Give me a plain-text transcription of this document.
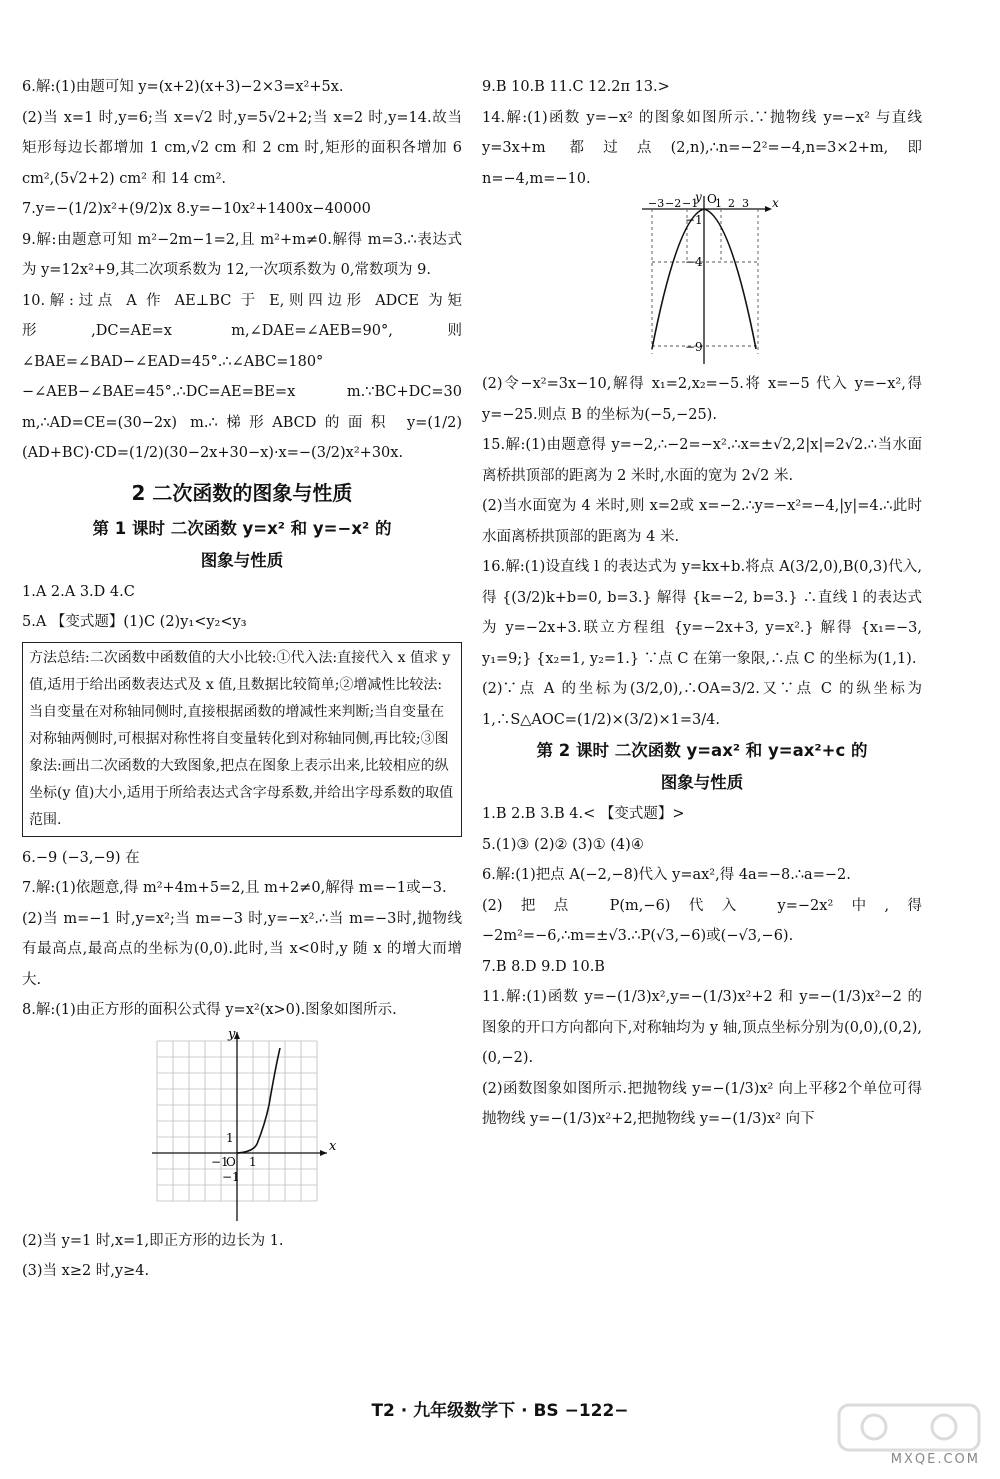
6.解:(1)由题可知 y=(x+2)(x+3)−2×3=x²+5x.

(2)当 x=1 时,y=6;当 x=√2 时,y=5√2+2;当 x=2 时,y=14.故当矩形每边长都增加 1 cm,√2 cm 和 2 cm 时,矩形的面积各增加 6 cm²,(5√2+2) cm² 和 14 cm².

7.y=−(1/2)x²+(9/2)x 8.y=−10x²+1400x−40000

9.解:由题意可知 m²−2m−1=2,且 m²+m≠0.解得 m=3.∴表达式为 y=12x²+9,其二次项系数为 12,一次项系数为 0,常数项为 9.

10.解:过点 A 作 AE⊥BC 于 E,则四边形 ADCE 为矩形,DC=AE=x m,∠DAE=∠AEB=90°,则∠BAE=∠BAD−∠EAD=45°.∴∠ABC=180°−∠AEB−∠BAE=45°.∴DC=AE=BE=x m.∵BC+DC=30 m,∴AD=CE=(30−2x) m.∴梯形ABCD的面积 y=(1/2)(AD+BC)·CD=(1/2)(30−2x+30−x)·x=−(3/2)x²+30x.

2 二次函数的图象与性质
第 1 课时 二次函数 y=x² 和 y=−x² 的
图象与性质

1.A 2.A 3.D 4.C

5.A 【变式题】(1)C (2)y₁<y₂<y₃

方法总结:二次函数中函数值的大小比较:①代入法:直接代入 x 值求 y 值,适用于给出函数表达式及 x 值,且数据比较简单;②增减性比较法:当自变量在对称轴同侧时,直接根据函数的增减性来判断;当自变量在对称轴两侧时,可根据对称性将自变量转化到对称轴同侧,再比较;③图象法:画出二次函数的大致图象,把点在图象上表示出来,比较相应的纵坐标(y 值)大小,适用于所给表达式含字母系数,并给出字母系数的取值范围.

6.−9 (−3,−9) 在

7.解:(1)依题意,得 m²+4m+5=2,且 m+2≠0,解得 m=−1或−3.

(2)当 m=−1 时,y=x²;当 m=−3 时,y=−x².∴当 m=−3时,抛物线有最高点,最高点的坐标为(0,0).此时,当 x<0时,y 随 x 的增大而增大.

8.解:(1)由正方形的面积公式得 y=x²(x>0).图象如图所示.

x
y
O 1
−1
−1
1

(2)当 y=1 时,x=1,即正方形的边长为 1.

(3)当 x≥2 时,y≥4.

9.B 10.B 11.C 12.2π 13.>

14.解:(1)函数 y=−x² 的图象如图所示.∵抛物线 y=−x² 与直线 y=3x+m 都过点(2,n),∴n=−2²=−4,n=3×2+m,即 n=−4,m=−10.

−3 −2 −1 1 2 3 x
y O
−1
−4
−9

(2)令−x²=3x−10,解得 x₁=2,x₂=−5.将 x=−5 代入 y=−x²,得 y=−25.则点 B 的坐标为(−5,−25).

15.解:(1)由题意得 y=−2,∴−2=−x².∴x=±√2,2|x|=2√2.∴当水面离桥拱顶部的距离为 2 米时,水面的宽为 2√2 米.

(2)当水面宽为 4 米时,则 x=2或 x=−2.∴y=−x²=−4,|y|=4.∴此时水面离桥拱顶部的距离为 4 米.

16.解:(1)设直线 l 的表达式为 y=kx+b.将点 A(3/2,0),B(0,3)代入,得 {(3/2)k+b=0, b=3.} 解得 {k=−2, b=3.} ∴直线 l 的表达式为 y=−2x+3.联立方程组 {y=−2x+3, y=x².} 解得 {x₁=−3, y₁=9;} {x₂=1, y₂=1.} ∵点 C 在第一象限,∴点 C 的坐标为(1,1).

(2)∵点 A 的坐标为(3/2,0),∴OA=3/2.又∵点 C 的纵坐标为 1,∴S△AOC=(1/2)×(3/2)×1=3/4.

第 2 课时 二次函数 y=ax² 和 y=ax²+c 的
图象与性质

1.B 2.B 3.B 4.< 【变式题】>

5.(1)③ (2)② (3)① (4)④

6.解:(1)把点 A(−2,−8)代入 y=ax²,得 4a=−8.∴a=−2.

(2)把点 P(m,−6)代入 y=−2x²中,得−2m²=−6,∴m=±√3.∴P(√3,−6)或(−√3,−6).

7.B 8.D 9.D 10.B

11.解:(1)函数 y=−(1/3)x²,y=−(1/3)x²+2 和 y=−(1/3)x²−2 的图象的开口方向都向下,对称轴均为 y 轴,顶点坐标分别为(0,0),(0,2),(0,−2).

(2)函数图象如图所示.把抛物线 y=−(1/3)x² 向上平移2个单位可得抛物线 y=−(1/3)x²+2,把抛物线 y=−(1/3)x² 向下

T2 · 九年级数学下 · BS −122−
MXQE.COM
